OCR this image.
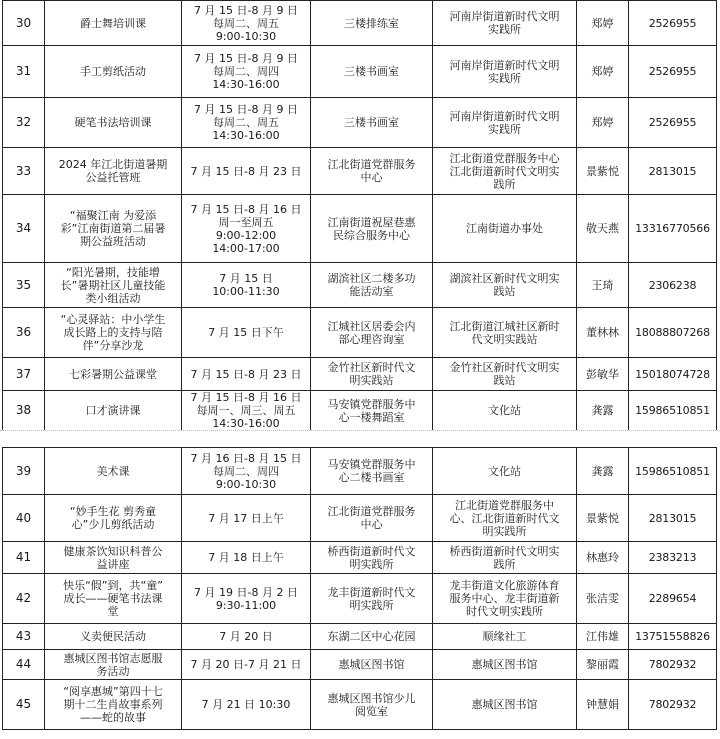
30	爵士舞培训课	7 月 15 日-8 月 9 日
每周二、周五
9:00-10:30	三楼排练室	河南岸街道新时代文明
实践所	郑婷	2526955
31	手工剪纸活动	7 月 15 日-8 月 9 日
每周二、周四
14:30-16:00	三楼书画室	河南岸街道新时代文明
实践所	郑婷	2526955
32	硬笔书法培训课	7 月 15 日-8 月 9 日
每周二、周五
14:30-16:00	三楼书画室	河南岸街道新时代文明
实践所	郑婷	2526955
33	2024 年江北街道暑期
公益托管班	7 月 15 日-8 月 23 日	江北街道党群服务
中心	江北街道党群服务中心
江北街道新时代文明实
践所	景紫悦	2813015
34	“福聚江南 为爱添
彩”江南街道第二届暑
期公益班活动	7 月 15 日-8 月 16 日
周一至周五
9:00-12:00
14:00-17:00	江南街道祝屋巷惠
民综合服务中心	江南街道办事处	敬天燕	13316770566
35	“阳光暑期，技能增
长”暑期社区儿童技能
类小组活动	7 月 15 日
10:00-11:30	湖滨社区二楼多功
能活动室	湖滨社区新时代文明实
践站	王琦	2306238
36	“心灵驿站：中小学生
成长路上的支持与陪
伴”分享沙龙	7 月 15 日下午	江城社区居委会内
部心理咨询室	江北街道江城社区新时
代文明实践站	董林林	18088807268
37	七彩暑期公益课堂	7 月 15 日-8 月 23 日	金竹社区新时代文
明实践站	金竹社区新时代文明实
践站	彭敏华	15018074728
38	口才演讲课	7 月 15 日-8 月 16 日
每周一、周三、周五
14:30-16:00	马安镇党群服务中
心一楼舞蹈室	文化站	龚露	15986510851
39	美术课	7 月 16 日-8 月 15 日
每周二、周四
9:00-10:30	马安镇党群服务中
心二楼书画室	文化站	龚露	15986510851
40	“妙手生花 剪秀童
心”少儿剪纸活动	7 月 17 日上午	江北街道党群服务
中心	江北街道党群服务中
心、江北街道新时代文
明实践所	景紫悦	2813015
41	健康茶饮知识科普公
益讲座	7 月 18 日上午	桥西街道新时代文
明实践所	桥西街道新时代文明实
践所	林惠玲	2383213
42	快乐“假”到，共“童”
成长——硬笔书法课
堂	7 月 19 日-8 月 2 日
9:30-11:00	龙丰街道新时代文
明实践所	龙丰街道文化旅游体育
服务中心、龙丰街道新
时代文明实践所	张洁雯	2289654
43	义卖便民活动	7 月 20 日	东湖二区中心花园	顺缘社工	江伟雄	13751558826
44	惠城区图书馆志愿服
务活动	7 月 20 日-7 月 21 日	惠城区图书馆	惠城区图书馆	黎丽霞	7802932
45	“阅享惠城”第四十七
期十二生肖故事系列
——蛇的故事	7 月 21 日 10:30	惠城区图书馆少儿
阅览室	惠城区图书馆	钟慧娟	7802932
